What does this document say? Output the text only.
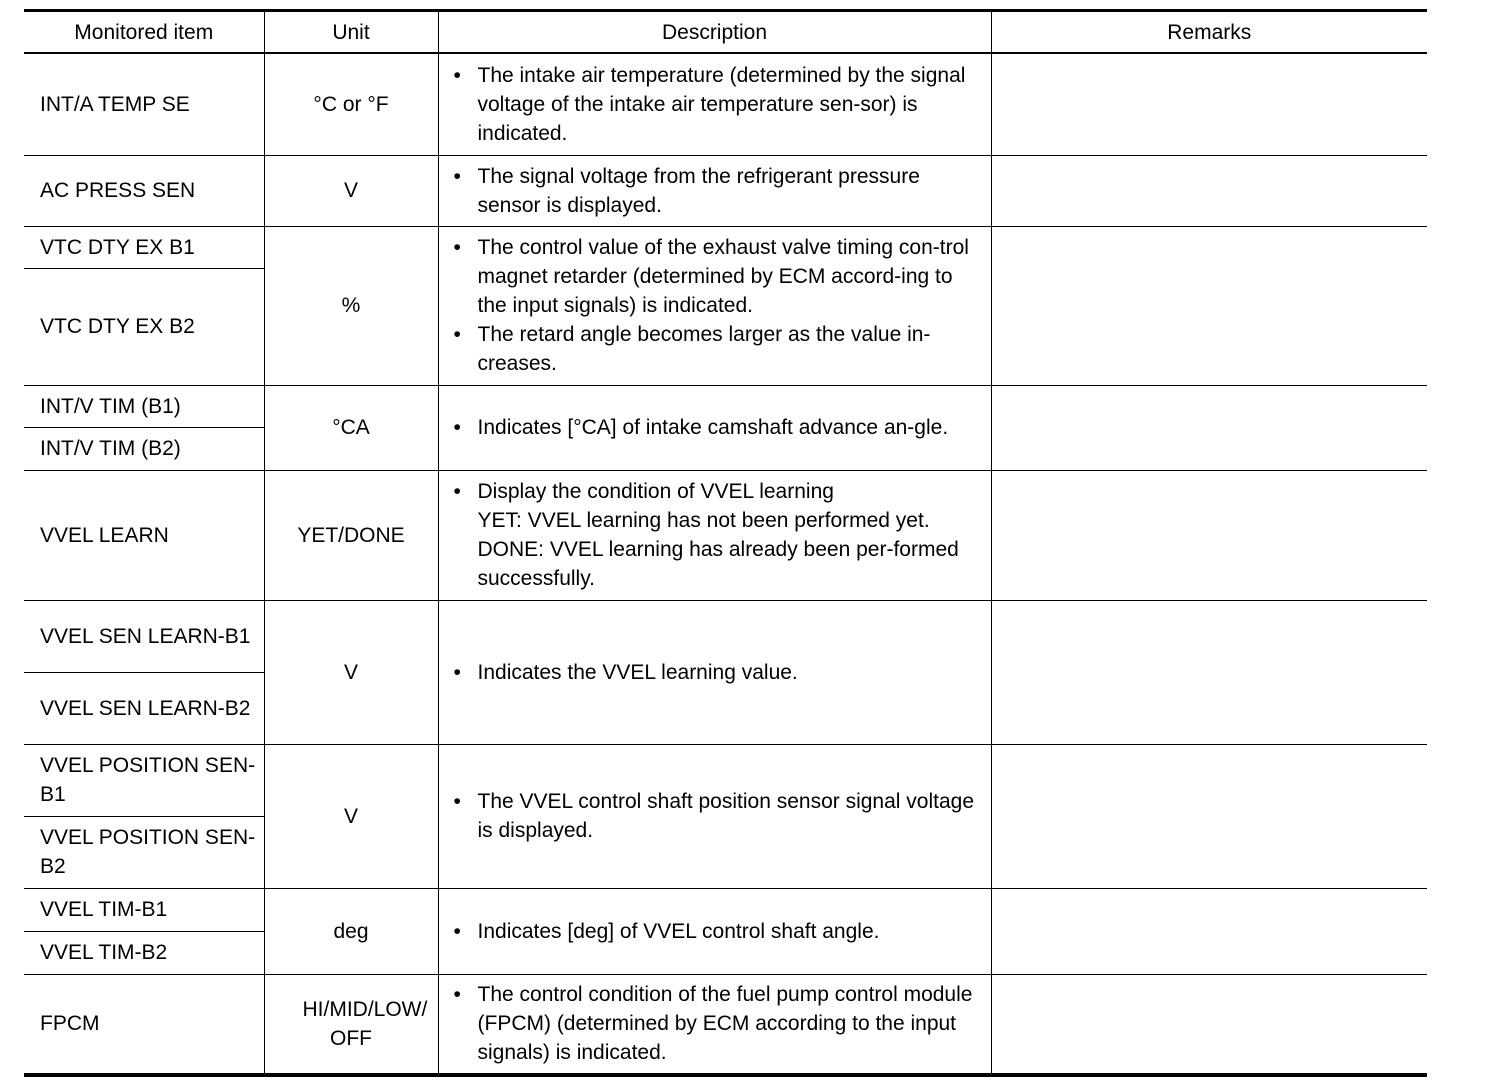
Monitored item	Unit	Description	Remarks
INT/A TEMP SE	°C or °F	• The intake air temperature (determined by the signal voltage of the intake air temperature sen-sor) is indicated.	

AC PRESS SEN	V	• The signal voltage from the refrigerant pressure sensor is displayed.	

VTC DTY EX B1	%	• The control value of the exhaust valve timing con-trol magnet retarder (determined by ECM accord-ing to the input signals) is indicated.
• The retard angle becomes larger as the value in-creases.	

VTC DTY EX B2			
INT/V TIM (B1)	°CA	• Indicates [°CA] of intake camshaft advance an-gle.	

INT/V TIM (B2)			
VVEL LEARN	YET/DONE	• Display the condition of VVEL learning
YET: VVEL learning has not been performed yet.
DONE: VVEL learning has already been per-formed successfully.	

VVEL SEN LEARN-B1	V	• Indicates the VVEL learning value.	

VVEL SEN LEARN-B2			
VVEL POSITION SEN-B1	V	• The VVEL control shaft position sensor signal voltage is displayed.	

VVEL POSITION SEN-B2			
VVEL TIM-B1	deg	• Indicates [deg] of VVEL control shaft angle.	

VVEL TIM-B2			
FPCM	HI/MID/LOW/ OFF	• The control condition of the fuel pump control module (FPCM) (determined by ECM according to the input signals) is indicated.	
